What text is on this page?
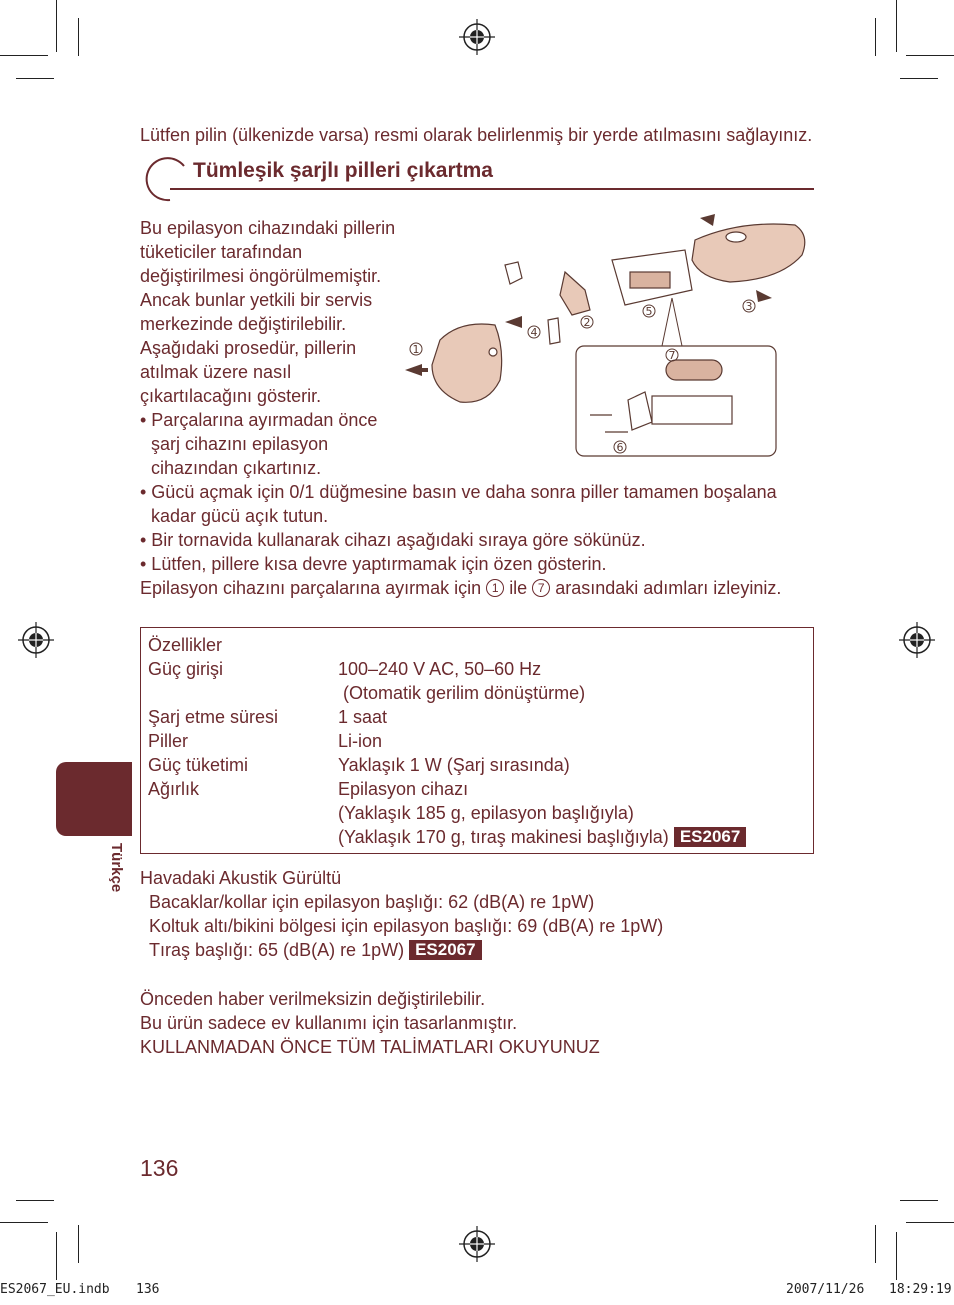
Lütfen pilin (ülkenizde varsa) resmi olarak belirlenmiş bir yerde atılmasını sağlayınız.
Tümleşik şarjlı pilleri çıkartma
Bu epilasyon cihazındaki pillerin
tüketiciler tarafından
değiştirilmesi öngörülmemiştir.
Ancak bunlar yetkili bir servis
merkezinde değiştirilebilir.
Aşağıdaki prosedür, pillerin
atılmak üzere nasıl
çıkartılacağını gösterir.
• Parçalarına ayırmadan önce
şarj cihazını epilasyon
cihazından çıkartınız.
• Gücü açmak için 0/1 düğmesine basın ve daha sonra piller tamamen boşalana
kadar gücü açık tutun.
• Bir tornavida kullanarak cihazı aşağıdaki sıraya göre sökünüz.
• Lütfen, pillere kısa devre yaptırmamak için özen gösterin.
Epilasyon cihazını parçalarına ayırmak için 1 ile 7 arasındaki adımları izleyiniz.
1
2
3
4
5
6
7
Özellikler
Güç girişi
Şarj etme süresi
Piller
Güç tüketimi
Ağırlık
100–240 V AC, 50–60 Hz
(Otomatik gerilim dönüştürme)
1 saat
Li-ion
Yaklaşık 1 W (Şarj sırasında)
Epilasyon cihazı
(Yaklaşık 185 g, epilasyon başlığıyla)
(Yaklaşık 170 g, tıraş makinesi başlığıyla) ES2067
Türkçe Havadaki Akustik Gürültü
Bacaklar/kollar için epilasyon başlığı: 62 (dB(A) re 1pW)
Koltuk altı/bikini bölgesi için epilasyon başlığı: 69 (dB(A) re 1pW)
Tıraş başlığı: 65 (dB(A) re 1pW) ES2067
Önceden haber verilmeksizin değiştirilebilir.
Bu ürün sadece ev kullanımı için tasarlanmıştır.
KULLANMADAN ÖNCE TÜM TALİMATLARI OKUYUNUZ
136
ES2067_EU.indb 136	2007/11/26 18:29:19
